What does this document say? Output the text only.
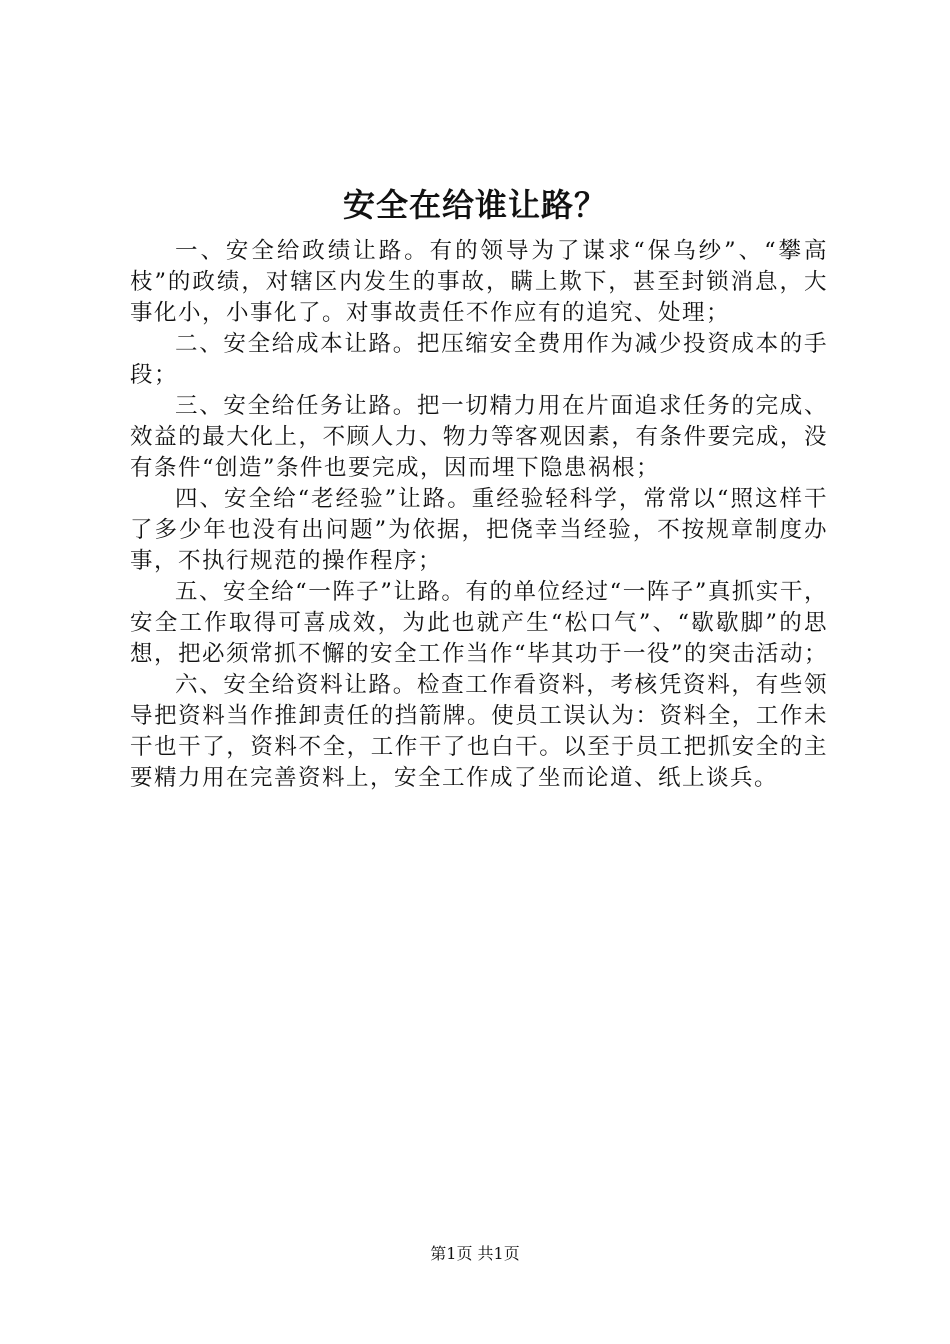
安全在给谁让路？

一、安全给政绩让路。有的领导为了谋求“保乌纱”、“攀高枝”的政绩，对辖区内发生的事故，瞒上欺下，甚至封锁消息，大事化小，小事化了。对事故责任不作应有的追究、处理；

二、安全给成本让路。把压缩安全费用作为减少投资成本的手段；

三、安全给任务让路。把一切精力用在片面追求任务的完成、效益的最大化上，不顾人力、物力等客观因素，有条件要完成，没有条件“创造”条件也要完成，因而埋下隐患祸根；

四、安全给“老经验”让路。重经验轻科学，常常以“照这样干了多少年也没有出问题”为依据，把侥幸当经验，不按规章制度办事，不执行规范的操作程序；

五、安全给“一阵子”让路。有的单位经过“一阵子”真抓实干，安全工作取得可喜成效，为此也就产生“松口气”、“歇歇脚”的思想，把必须常抓不懈的安全工作当作“毕其功于一役”的突击活动；

六、安全给资料让路。检查工作看资料，考核凭资料，有些领导把资料当作推卸责任的挡箭牌。使员工误认为：资料全，工作未干也干了，资料不全，工作干了也白干。以至于员工把抓安全的主要精力用在完善资料上，安全工作成了坐而论道、纸上谈兵。

第1页 共1页
